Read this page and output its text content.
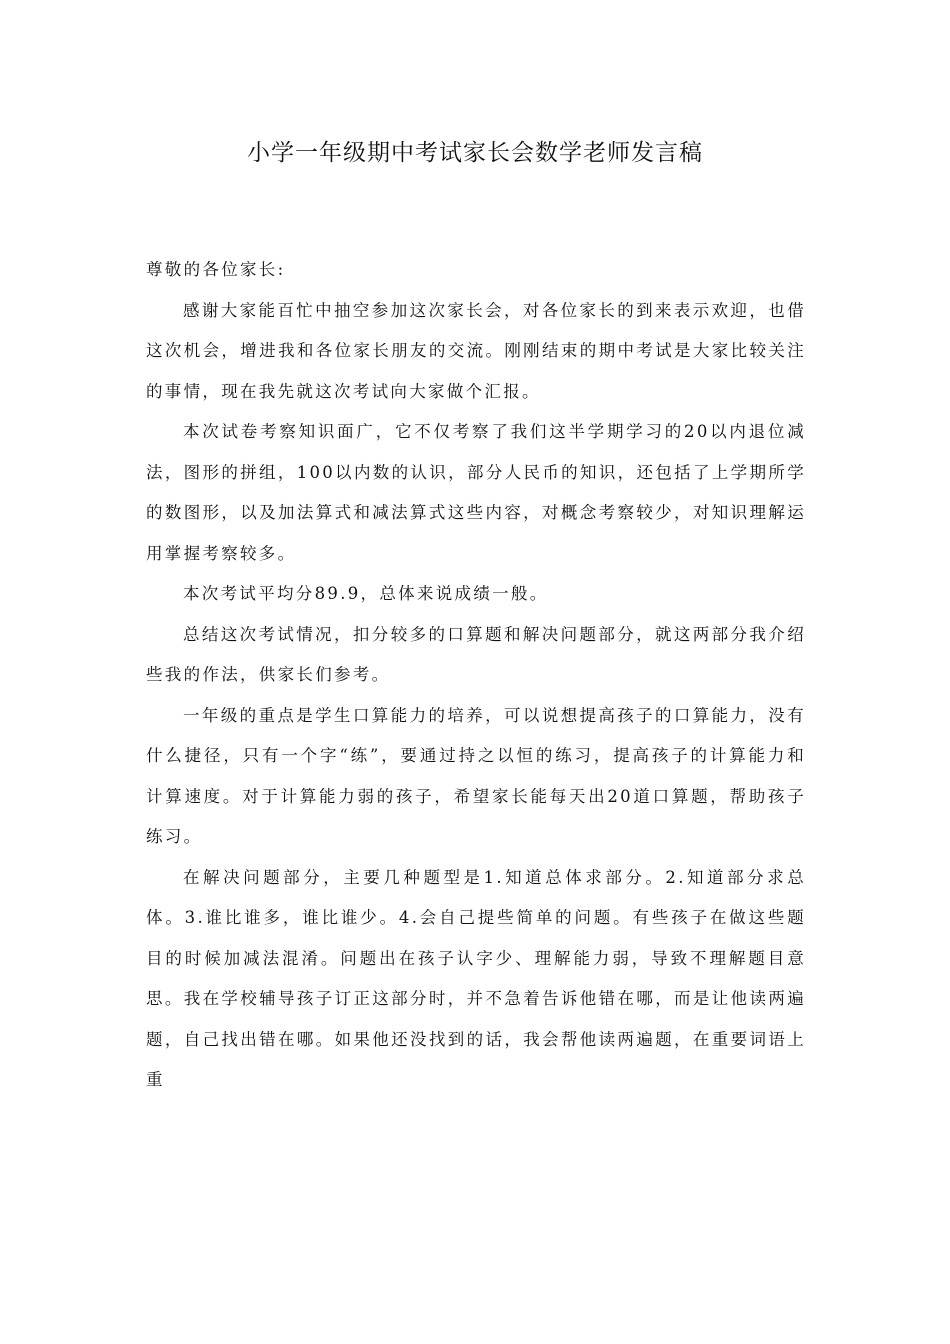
小学一年级期中考试家长会数学老师发言稿

尊敬的各位家长:

感谢大家能百忙中抽空参加这次家长会，对各位家长的到来表示欢迎，也借这次机会，增进我和各位家长朋友的交流。刚刚结束的期中考试是大家比较关注的事情，现在我先就这次考试向大家做个汇报。

本次试卷考察知识面广，它不仅考察了我们这半学期学习的20以内退位减法，图形的拼组，100以内数的认识，部分人民币的知识，还包括了上学期所学的数图形，以及加法算式和减法算式这些内容，对概念考察较少，对知识理解运用掌握考察较多。

本次考试平均分89.9，总体来说成绩一般。

总结这次考试情况，扣分较多的口算题和解决问题部分，就这两部分我介绍些我的作法，供家长们参考。

一年级的重点是学生口算能力的培养，可以说想提高孩子的口算能力，没有什么捷径，只有一个字“练”，要通过持之以恒的练习，提高孩子的计算能力和计算速度。对于计算能力弱的孩子，希望家长能每天出20道口算题，帮助孩子练习。

在解决问题部分，主要几种题型是1.知道总体求部分。2.知道部分求总体。3.谁比谁多，谁比谁少。4.会自己提些简单的问题。有些孩子在做这些题目的时候加减法混淆。问题出在孩子认字少、理解能力弱，导致不理解题目意思。我在学校辅导孩子订正这部分时，并不急着告诉他错在哪，而是让他读两遍题，自己找出错在哪。如果他还没找到的话，我会帮他读两遍题，在重要词语上重
